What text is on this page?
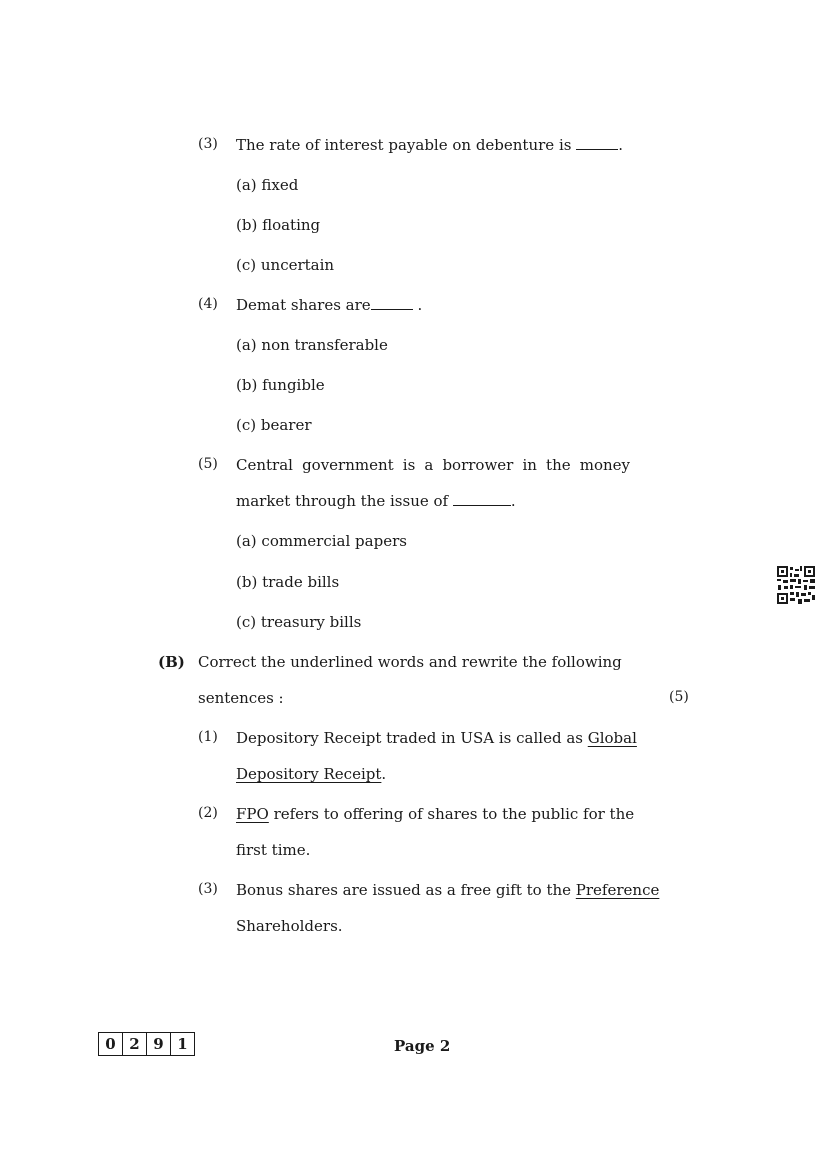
(3) The rate of interest payable on debenture is	.
(a) fixed
(b) floating
(c) uncertain
(4) Demat shares are	.
(a) non transferable
(b) fungible
(c) bearer
(5) Central government is a borrower in the money
market through the issue of	.
(a) commercial papers
(b) trade bills
(c) treasury bills
(B) Correct the underlined words and rewrite the following
sentences :	(5)
(1) Depository Receipt traded in USA is called as Global
Depository Receipt.
(2) FPO refers to offering of shares to the public for the
first time.
(3) Bonus shares are issued as a free gift to the Preference
Shareholders.
0 2 9 1	Page 2
